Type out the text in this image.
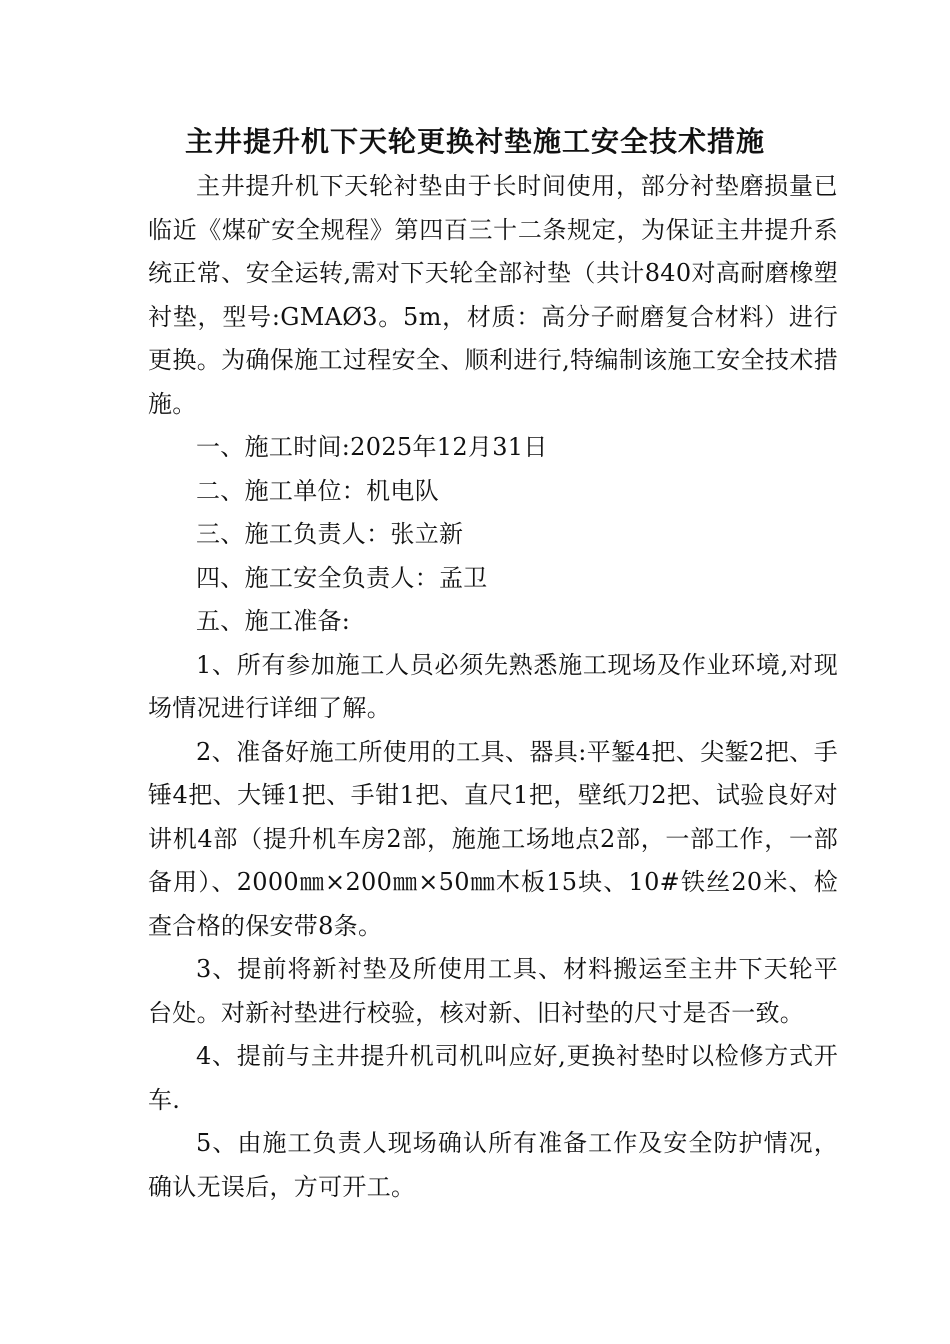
主井提升机下天轮更换衬垫施工安全技术措施

主井提升机下天轮衬垫由于长时间使用，部分衬垫磨损量已临近《煤矿安全规程》第四百三十二条规定，为保证主井提升系统正常、安全运转,需对下天轮全部衬垫（共计840对高耐磨橡塑衬垫，型号:GMAØ3。5m，材质：高分子耐磨复合材料）进行更换。为确保施工过程安全、顺利进行,特编制该施工安全技术措施。

一、施工时间:2025年12月31日

二、施工单位：机电队

三、施工负责人：张立新

四、施工安全负责人：孟卫

五、施工准备:

1、所有参加施工人员必须先熟悉施工现场及作业环境,对现场情况进行详细了解。

2、准备好施工所使用的工具、器具:平錾4把、尖錾2把、手锤4把、大锤1把、手钳1把、直尺1把，壁纸刀2把、试验良好对讲机4部（提升机车房2部，施施工场地点2部，一部工作，一部备用）、2000㎜×200㎜×50㎜木板15块、10#铁丝20米、检查合格的保安带8条。

3、提前将新衬垫及所使用工具、材料搬运至主井下天轮平台处。对新衬垫进行校验，核对新、旧衬垫的尺寸是否一致。

4、提前与主井提升机司机叫应好,更换衬垫时以检修方式开车.

5、由施工负责人现场确认所有准备工作及安全防护情况，确认无误后，方可开工。
